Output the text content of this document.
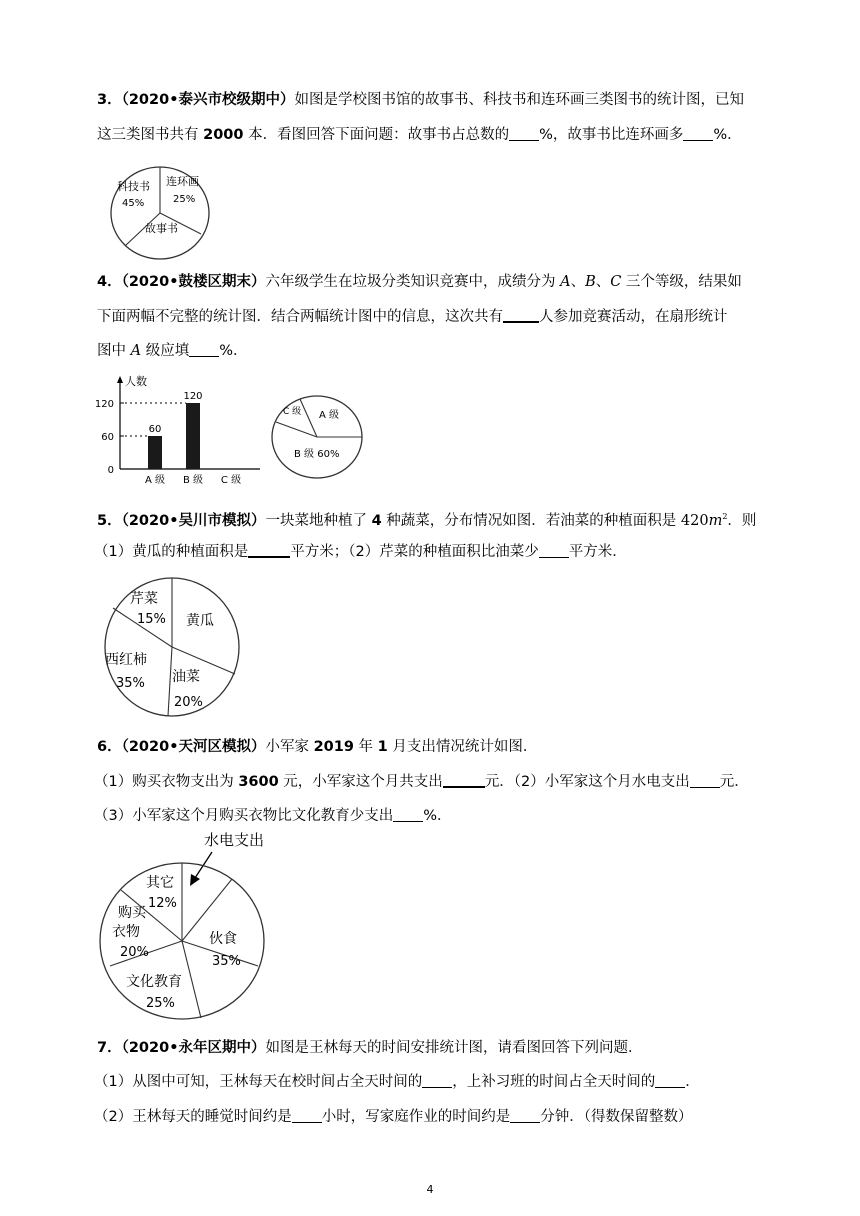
3．（2020•泰兴市校级期中）如图是学校图书馆的故事书、科技书和连环画三类图书的统计图，已知
这三类图书共有 2000 本．看图回答下面问题：故事书占总数的 %，故事书比连环画多 %．
科技书
45%
连环画
25%
故事书
4．（2020•鼓楼区期末）六年级学生在垃圾分类知识竞赛中，成绩分为 A、B、C 三个等级，结果如
下面两幅不完整的统计图．结合两幅统计图中的信息，这次共有 人参加竞赛活动，在扇形统计
图中 A 级应填 %．
人数
0
60
120
A 级
60
B 级
120
C 级
C 级 A 级
B 级 60%
5．（2020•吴川市模拟）一块菜地种植了 4 种蔬菜，分布情况如图．若油菜的种植面积是 $420m^2$．则
（1）黄瓜的种植面积是	平方米；（2）芹菜的种植面积比油菜少 平方米．
芹菜
15% 黄瓜
油菜
20%
西红柿
35%
6．（2020•天河区模拟）小军家 2019 年 1 月支出情况统计如图．
（1）购买衣物支出为 3600 元，小军家这个月共支出	元．（2）小军家这个月水电支出 元．
（3）小军家这个月购买衣物比文化教育少支出 %．
水电支出
其它
12%
伙食
35%
文化教育
25%
购买
衣物
20%
7．（2020•永年区期中）如图是王林每天的时间安排统计图，请看图回答下列问题．
（1）从图中可知，王林每天在校时间占全天时间的 ，上补习班的时间占全天时间的 ．
（2）王林每天的睡觉时间约是 小时，写家庭作业的时间约是 分钟．（得数保留整数）
4
